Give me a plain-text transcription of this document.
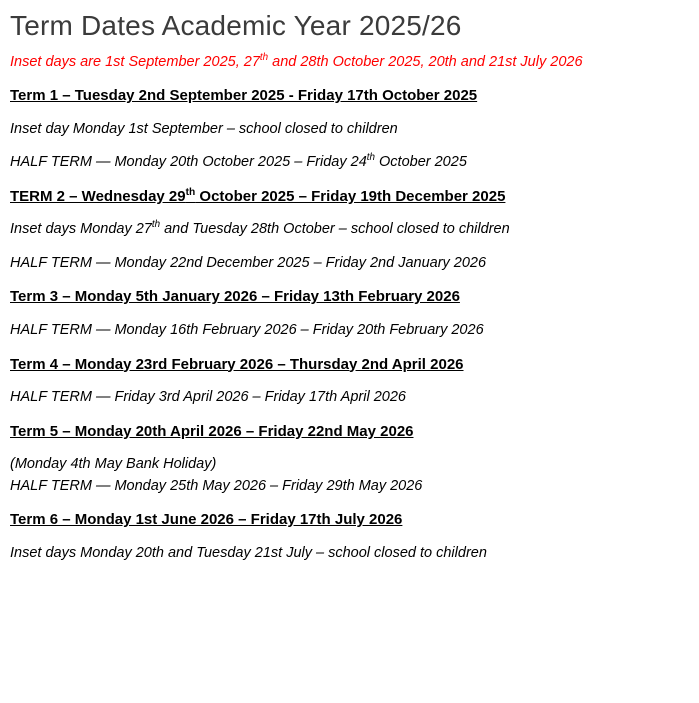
Term Dates Academic Year 2025/26

Inset days are 1st September 2025, 27th and 28th October 2025, 20th and 21st July 2026

Term 1 – Tuesday 2nd September 2025 - Friday 17th October 2025

Inset day Monday 1st September – school closed to children

HALF TERM — Monday 20th October 2025 – Friday 24th October 2025

TERM 2 – Wednesday 29th October 2025 – Friday 19th December 2025

Inset days Monday 27th and Tuesday 28th October – school closed to children

HALF TERM — Monday 22nd December 2025 – Friday 2nd January 2026

Term 3 – Monday 5th January 2026 – Friday 13th February 2026

HALF TERM — Monday 16th February 2026 – Friday 20th February 2026

Term 4 – Monday 23rd February 2026 – Thursday 2nd April 2026

HALF TERM — Friday 3rd April 2026 – Friday 17th April 2026

Term 5 – Monday 20th April 2026 – Friday 22nd May 2026

(Monday 4th May Bank Holiday)

HALF TERM — Monday 25th May 2026 – Friday 29th May 2026

Term 6 – Monday 1st June 2026 – Friday 17th July 2026

Inset days Monday 20th and Tuesday 21st July – school closed to children
